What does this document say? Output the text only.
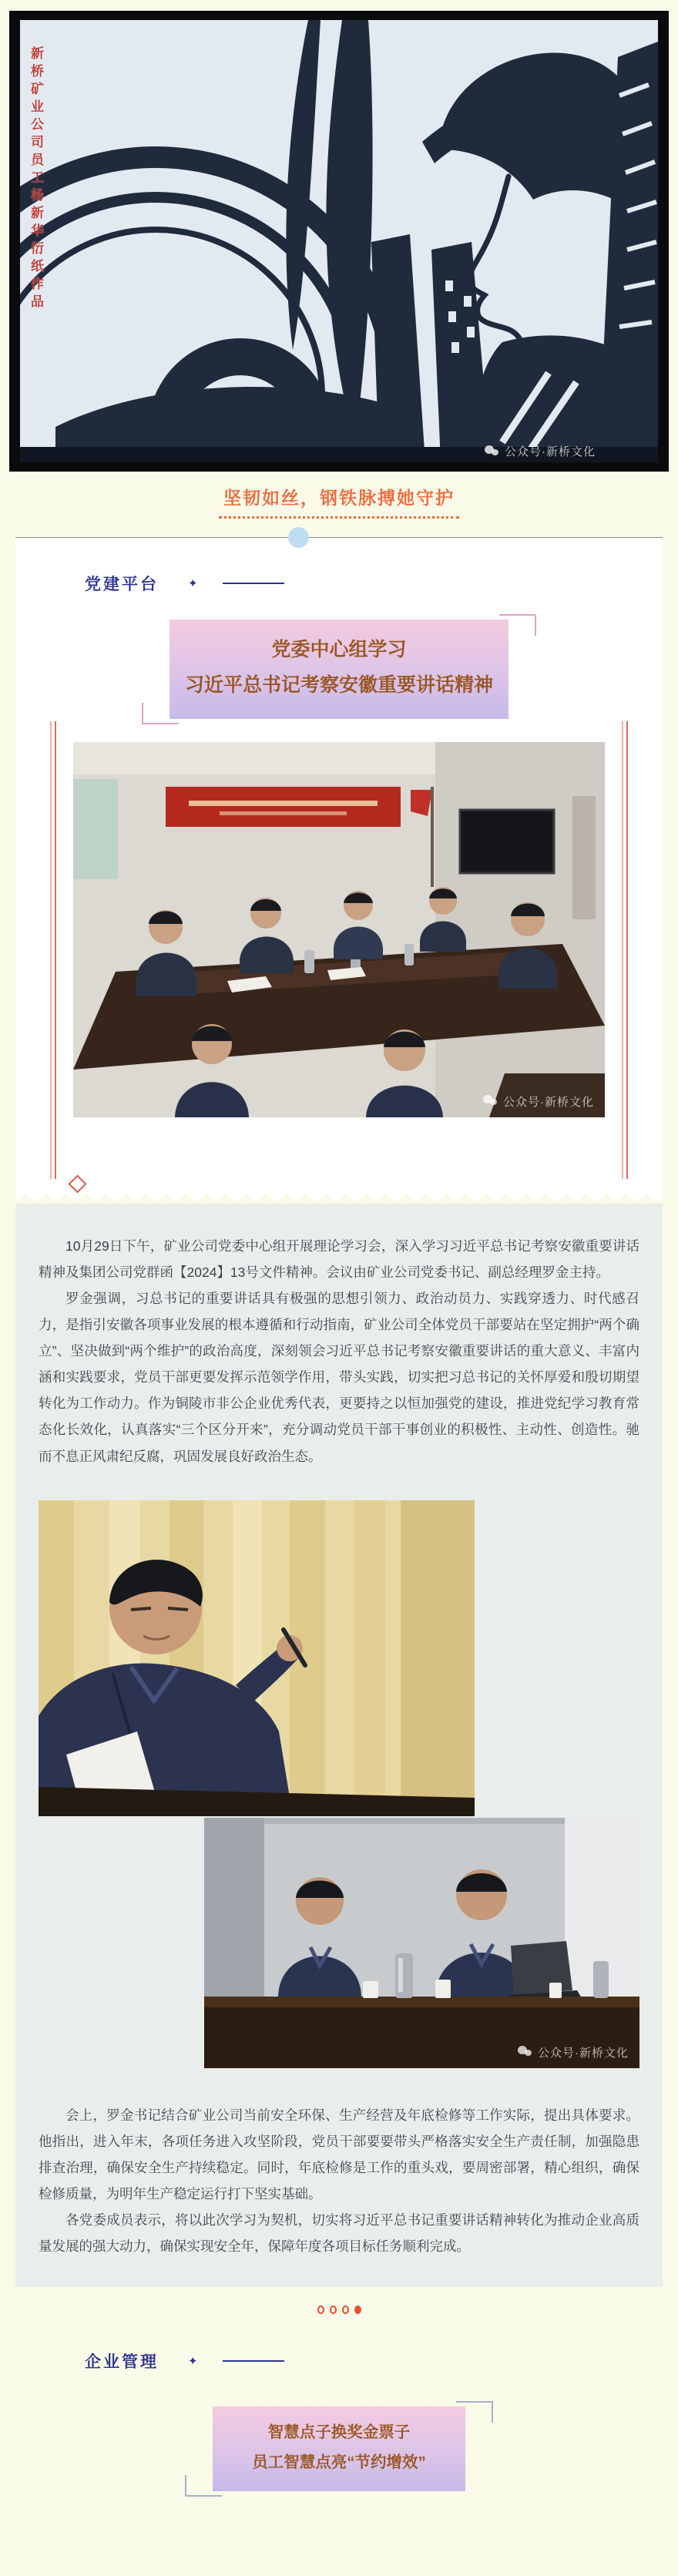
新桥矿业公司员工杨新华衍纸作品
公众号·新桥文化
坚韧如丝，钢铁脉搏她守护
党建平台	✦
党委中心组学习
习近平总书记考察安徽重要讲话精神
公众号·新桥文化

10月29日下午，矿业公司党委中心组开展理论学习会，深入学习习近平总书记考察安徽重要讲话精神及集团公司党群函【2024】13号文件精神。会议由矿业公司党委书记、副总经理罗金主持。

罗金强调，习总书记的重要讲话具有极强的思想引领力、政治动员力、实践穿透力、时代感召力，是指引安徽各项事业发展的根本遵循和行动指南，矿业公司全体党员干部要站在坚定拥护“两个确立”、坚决做到“两个维护”的政治高度，深刻领会习近平总书记考察安徽重要讲话的重大意义、丰富内涵和实践要求，党员干部更要发挥示范领学作用，带头实践，切实把习总书记的关怀厚爱和殷切期望转化为工作动力。作为铜陵市非公企业优秀代表，更要持之以恒加强党的建设，推进党纪学习教育常态化长效化，认真落实“三个区分开来”，充分调动党员干部干事创业的积极性、主动性、创造性。驰而不息正风肃纪反腐，巩固发展良好政治生态。

公众号·新桥文化

会上，罗金书记结合矿业公司当前安全环保、生产经营及年底检修等工作实际，提出具体要求。他指出，进入年末，各项任务进入攻坚阶段，党员干部要要带头严格落实安全生产责任制，加强隐患排查治理，确保安全生产持续稳定。同时，年底检修是工作的重头戏，要周密部署，精心组织，确保检修质量，为明年生产稳定运行打下坚实基础。

各党委成员表示，将以此次学习为契机，切实将习近平总书记重要讲话精神转化为推动企业高质量发展的强大动力，确保实现安全年，保障年度各项目标任务顺利完成。

企业管理	✦
智慧点子换奖金票子
员工智慧点亮“节约增效”
